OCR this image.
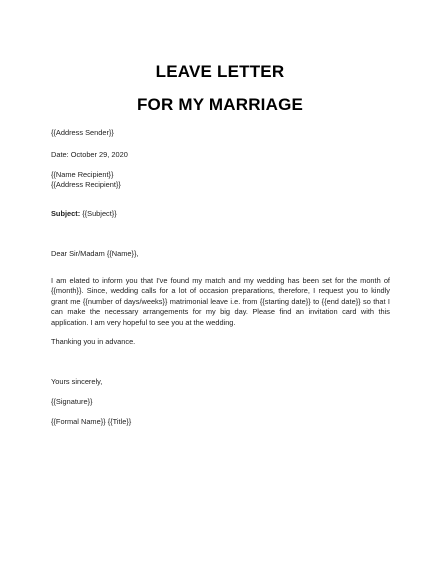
LEAVE LETTER
FOR MY MARRIAGE
{{Address Sender}}
Date: October 29, 2020
{{Name Recipient}}
{{Address Recipient}}
Subject: {{Subject}}
Dear Sir/Madam {{Name}},
I am elated to inform you that I've found my match and my wedding has been set for the month of {{month}}. Since, wedding calls for a lot of occasion preparations, therefore, I request you to kindly grant me {{number of days/weeks}} matrimonial leave i.e. from {{starting date}} to {{end date}} so that I can make the necessary arrangements for my big day. Please find an invitation card with this application. I am very hopeful to see you at the wedding.
Thanking you in advance.
Yours sincerely,
{{Signature}}
{{Formal Name}} {{Title}}
